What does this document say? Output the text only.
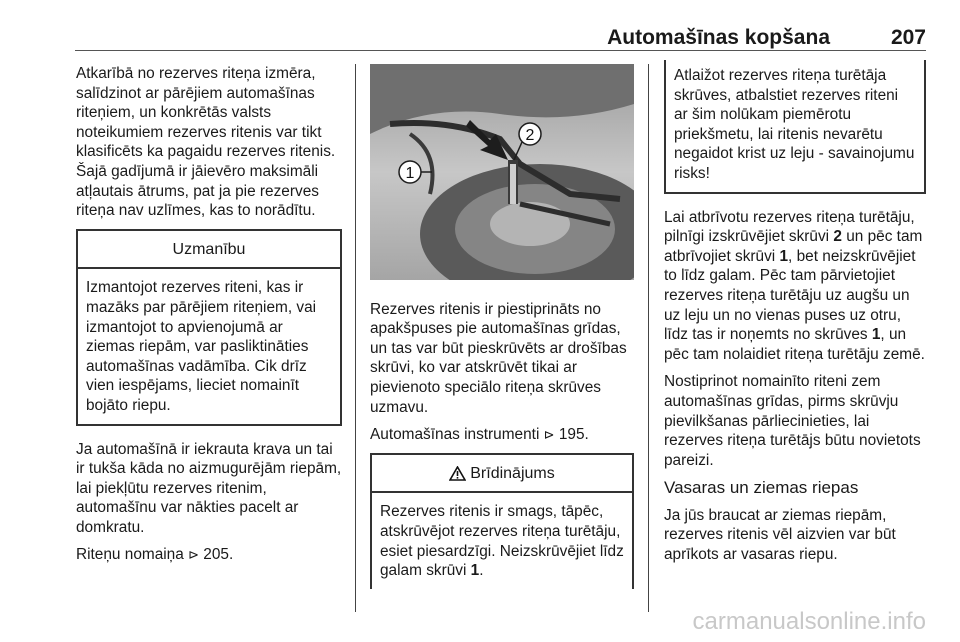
Automašīnas kopšana	207

Atkarībā no rezerves riteņa izmēra, salīdzinot ar pārējiem automašīnas riteņiem, un konkrētās valsts noteikumiem rezerves ritenis var tikt klasificēts ka pagaidu rezerves ritenis. Šajā gadījumā ir jāievēro maksimāli atļautais ātrums, pat ja pie rezerves riteņa nav uzlīmes, kas to norādītu.

Uzmanību

Izmantojot rezerves riteni, kas ir mazāks par pārējiem riteņiem, vai izmantojot to apvienojumā ar ziemas riepām, var pasliktināties automašīnas vadāmība. Cik drīz vien iespējams, lieciet nomainīt bojāto riepu.

Ja automašīnā ir iekrauta krava un tai ir tukša kāda no aizmugurējām riepām, lai piekļūtu rezerves ritenim, automašīnu var nākties pacelt ar domkratu.

Riteņu nomaiņa ⊳ 205.

1
2

Rezerves ritenis ir piestiprināts no apakšpuses pie automašīnas grīdas, un tas var būt pieskrūvēts ar drošības skrūvi, ko var atskrūvēt tikai ar pievienoto speciālo riteņa skrūves uzmavu.

Automašīnas instrumenti ⊳ 195.

Brīdinājums

Rezerves ritenis ir smags, tāpēc, atskrūvējot rezerves riteņa turētāju, esiet piesardzīgi. Neizskrūvējiet līdz galam skrūvi 1.

Atlaižot rezerves riteņa turētāja skrūves, atbalstiet rezerves riteni ar šim nolūkam piemērotu priekšmetu, lai ritenis nevarētu negaidot krist uz leju - savainojumu risks!

Lai atbrīvotu rezerves riteņa turētāju, pilnīgi izskrūvējiet skrūvi 2 un pēc tam atbrīvojiet skrūvi 1, bet neizskrūvējiet to līdz galam. Pēc tam pārvietojiet rezerves riteņa turētāju uz augšu un uz leju un no vienas puses uz otru, līdz tas ir noņemts no skrūves 1, un pēc tam nolaidiet riteņa turētāju zemē.

Nostiprinot nomainīto riteni zem automašīnas grīdas, pirms skrūvju pievilkšanas pārliecinieties, lai rezerves riteņa turētājs būtu novietots pareizi.

Vasaras un ziemas riepas

Ja jūs braucat ar ziemas riepām, rezerves ritenis vēl aizvien var būt aprīkots ar vasaras riepu.

carmanualsonline.info
